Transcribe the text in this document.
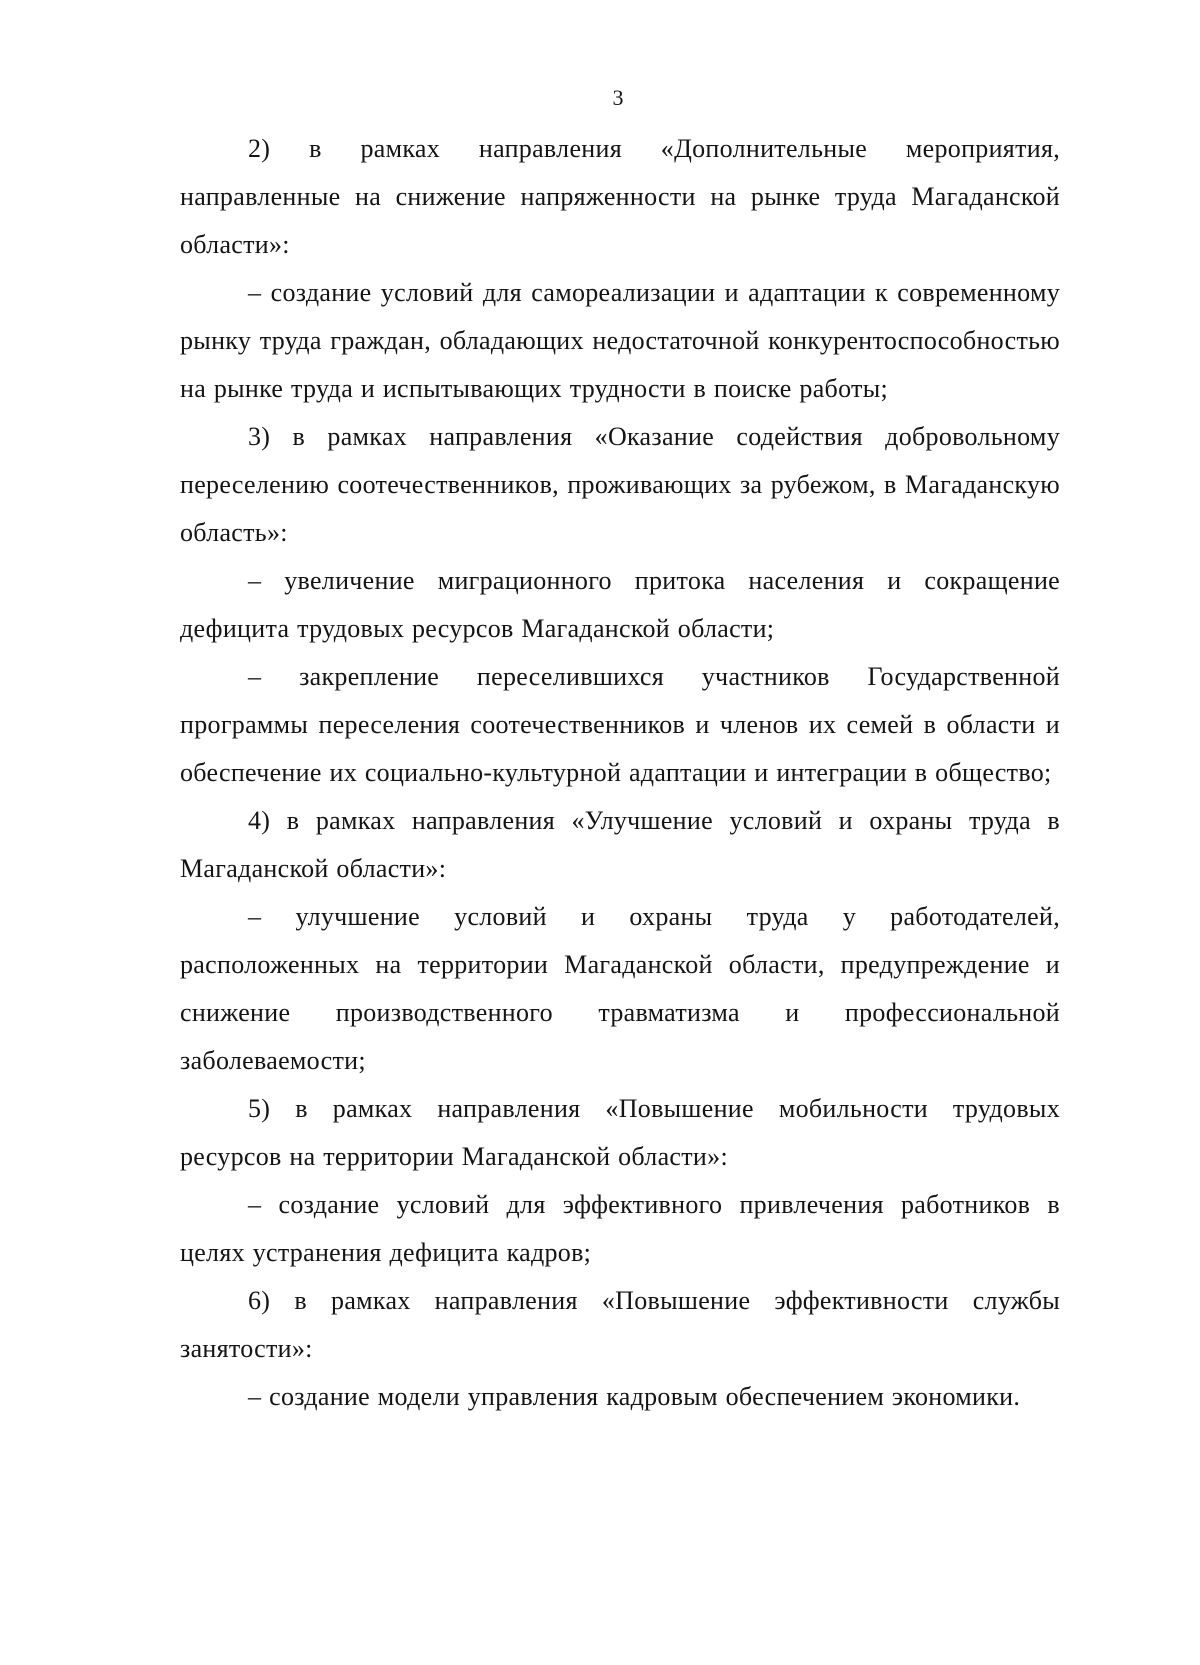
3

2) в рамках направления «Дополнительные мероприятия, направленные на снижение напряженности на рынке труда Магаданской области»:

– создание условий для самореализации и адаптации к современному рынку труда граждан, обладающих недостаточной конкурентоспособностью на рынке труда и испытывающих трудности в поиске работы;

3) в рамках направления «Оказание содействия добровольному переселению соотечественников, проживающих за рубежом, в Магаданскую область»:

– увеличение миграционного притока населения и сокращение дефицита трудовых ресурсов Магаданской области;

– закрепление переселившихся участников Государственной программы переселения соотечественников и членов их семей в области и обеспечение их социально-культурной адаптации и интеграции в общество;

4) в рамках направления «Улучшение условий и охраны труда в Магаданской области»:

– улучшение условий и охраны труда у работодателей, расположенных на территории Магаданской области, предупреждение и снижение производственного травматизма и профессиональной заболеваемости;

5) в рамках направления «Повышение мобильности трудовых ресурсов на территории Магаданской области»:

– создание условий для эффективного привлечения работников в целях устранения дефицита кадров;

6) в рамках направления «Повышение эффективности службы занятости»:

– создание модели управления кадровым обеспечением экономики.
